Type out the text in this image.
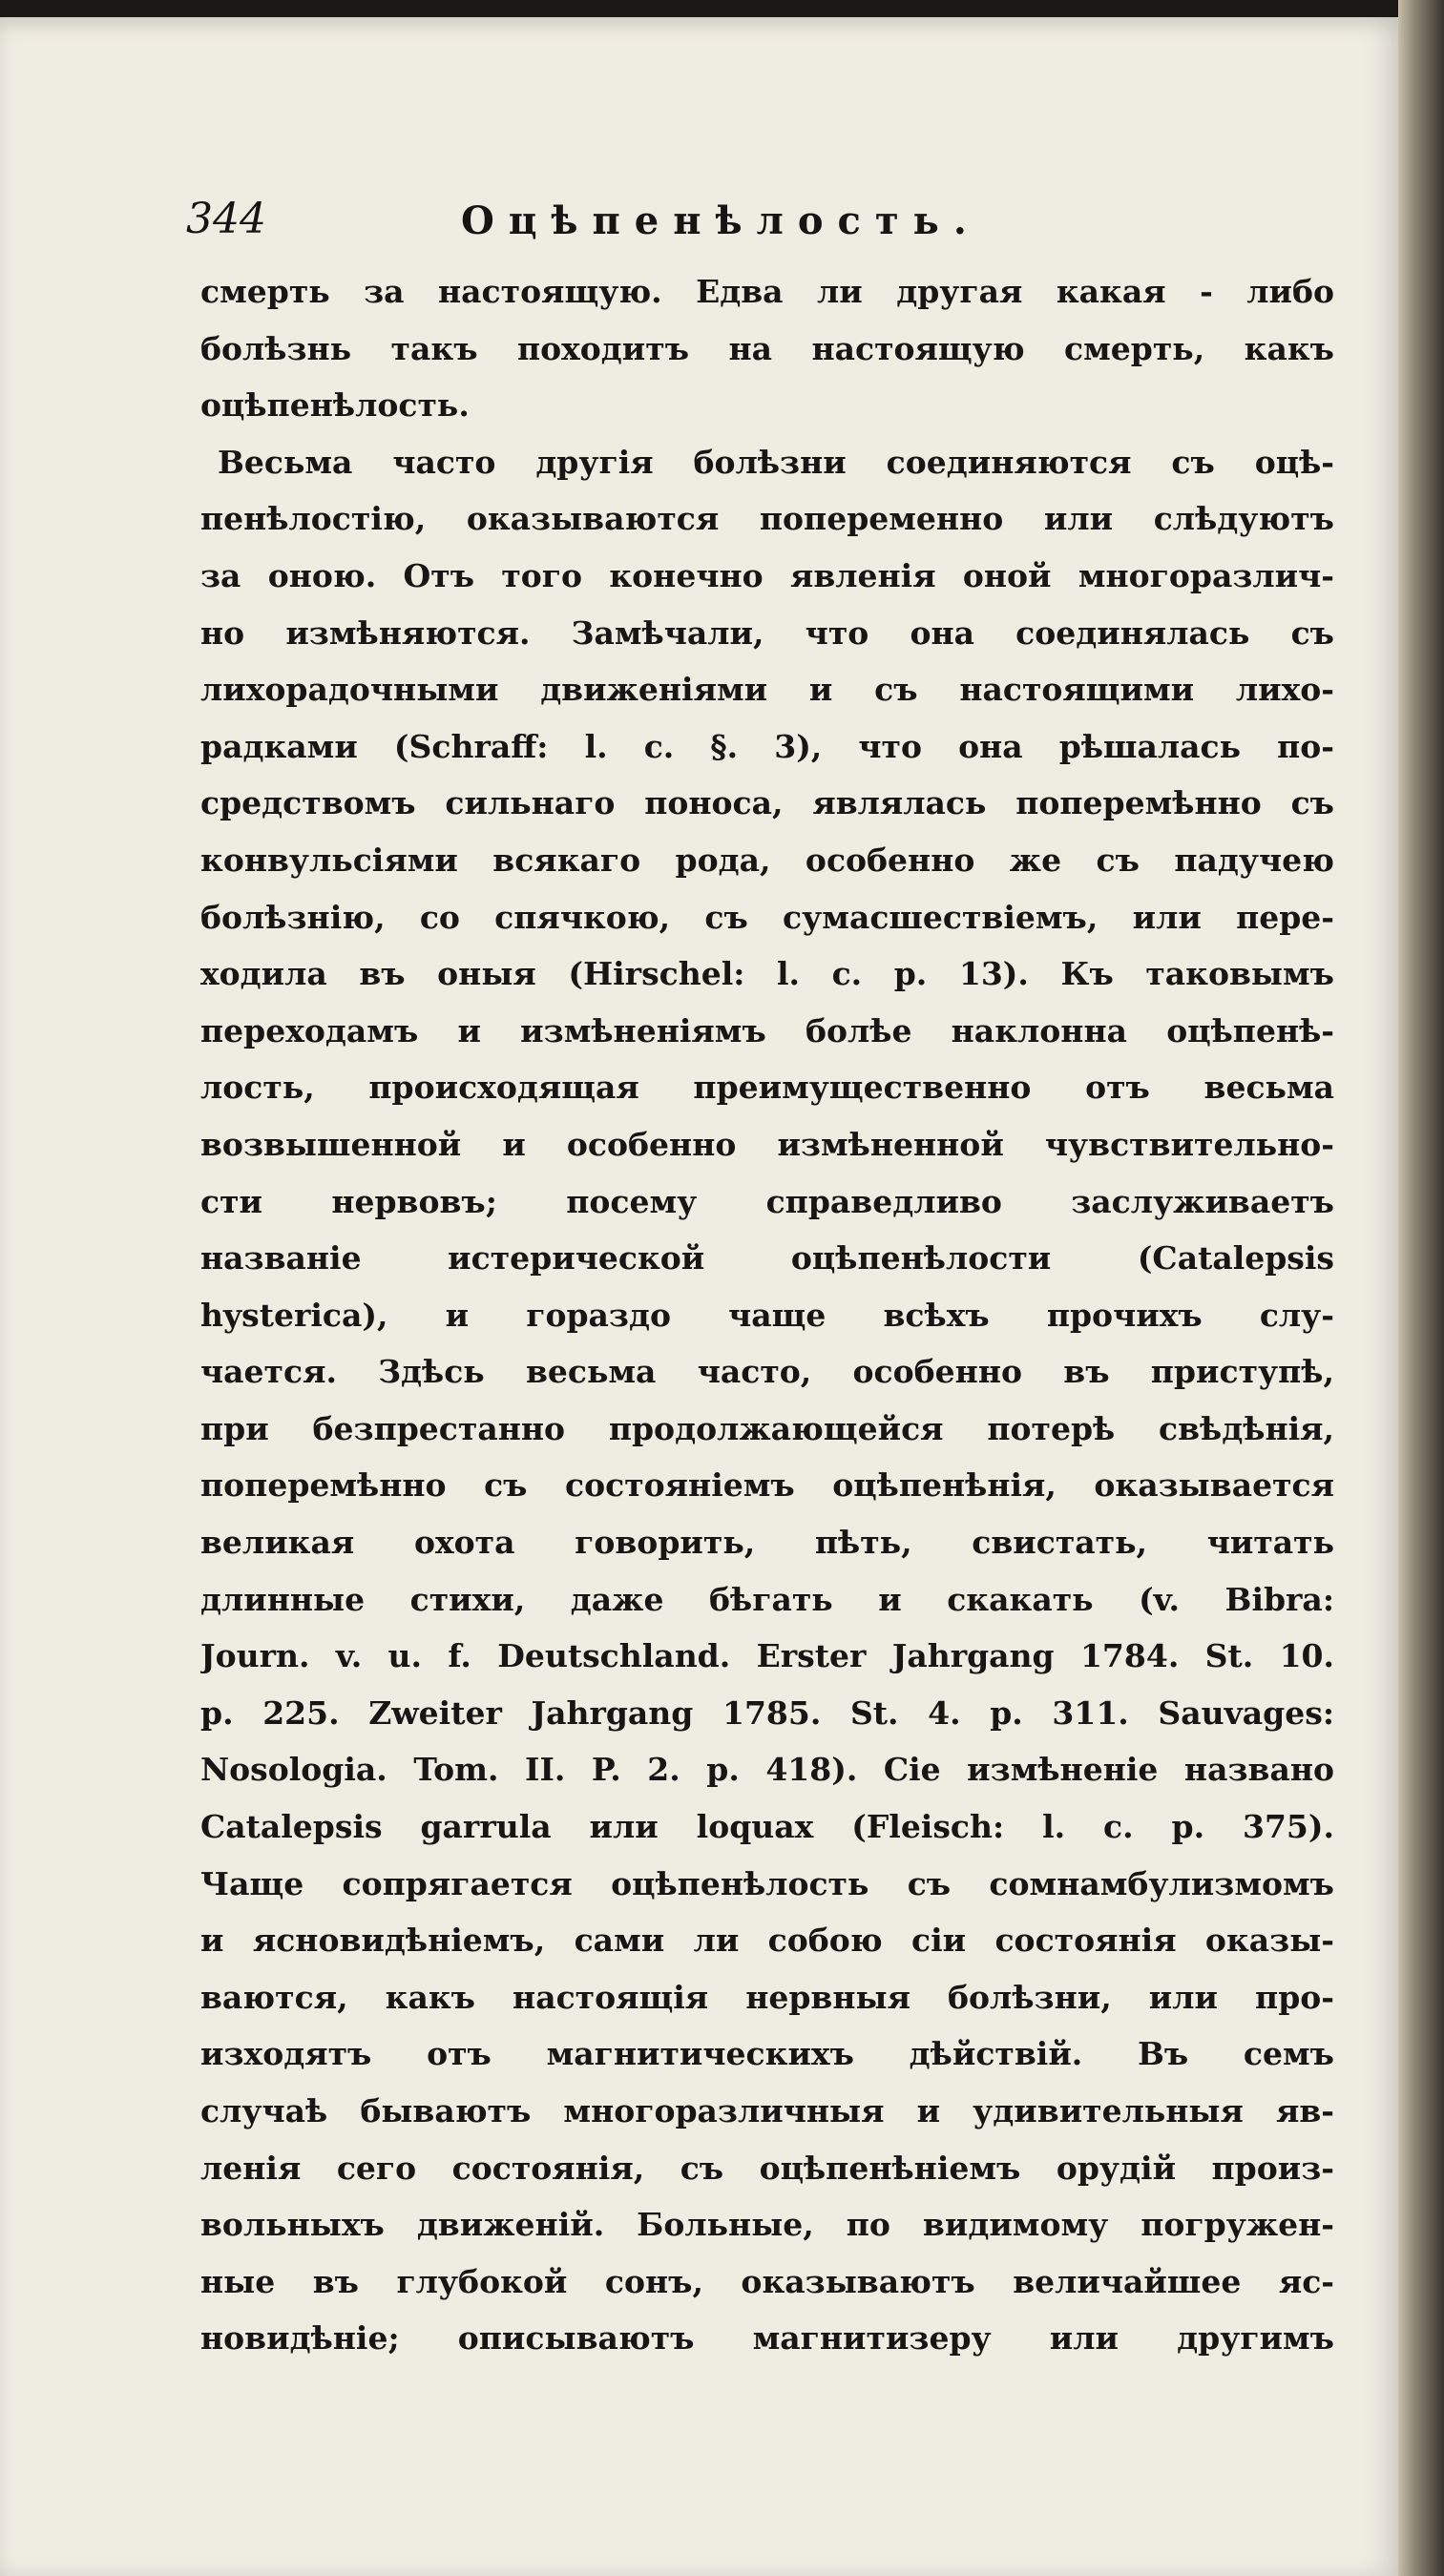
344	Оцѣпенѣлость.
смерть за настоящую. Едва ли другая какая - либо
болѣзнь такъ походитъ на настоящую смерть, какъ
оцѣпенѣлость.
Весьма часто другія болѣзни соединяются съ оцѣ-
пенѣлостію, оказываются попеременно или слѣдуютъ
за оною. Отъ того конечно явленія оной многоразлич-
но измѣняются. Замѣчали, что она соединялась съ
лихорадочными движеніями и съ настоящими лихо-
радками (Schraff: l. c. §. 3), что она рѣшалась по-
средствомъ сильнаго поноса, являлась поперемѣнно съ
конвульсіями всякаго рода, особенно же съ падучею
болѣзнію, со спячкою, съ сумасшествіемъ, или пере-
ходила въ оныя (Hirschel: l. c. p. 13). Къ таковымъ
переходамъ и измѣненіямъ болѣе наклонна оцѣпенѣ-
лость, происходящая преимущественно отъ весьма
возвышенной и особенно измѣненной чувствительно-
сти нервовъ; посему справедливо заслуживаетъ
названіе истерической оцѣпенѣлости (Catalepsis
hysterica), и гораздо чаще всѣхъ прочихъ слу-
чается. Здѣсь весьма часто, особенно въ приступѣ,
при безпрестанно продолжающейся потерѣ свѣдѣнія,
поперемѣнно съ состояніемъ оцѣпенѣнія, оказывается
великая охота говорить, пѣть, свистать, читать
длинные стихи, даже бѣгать и скакать (v. Bibra:
Journ. v. u. f. Deutschland. Erster Jahrgang 1784. St. 10.
p. 225. Zweiter Jahrgang 1785. St. 4. p. 311. Sauvages:
Nosologia. Tom. II. P. 2. p. 418). Сіе измѣненіе названо
Catalepsis garrula или loquax (Fleisch: l. c. p. 375).
Чаще сопрягается оцѣпенѣлость съ сомнамбулизмомъ
и ясновидѣніемъ, сами ли собою сіи состоянія оказы-
ваются, какъ настоящія нервныя болѣзни, или про-
изходятъ отъ магнитическихъ дѣйствій. Въ семъ
случаѣ бываютъ многоразличныя и удивительныя яв-
ленія сего состоянія, съ оцѣпенѣніемъ орудій произ-
вольныхъ движеній. Больные, по видимому погружен-
ные въ глубокой сонъ, оказываютъ величайшее яс-
новидѣніе; описываютъ магнитизеру или другимъ
